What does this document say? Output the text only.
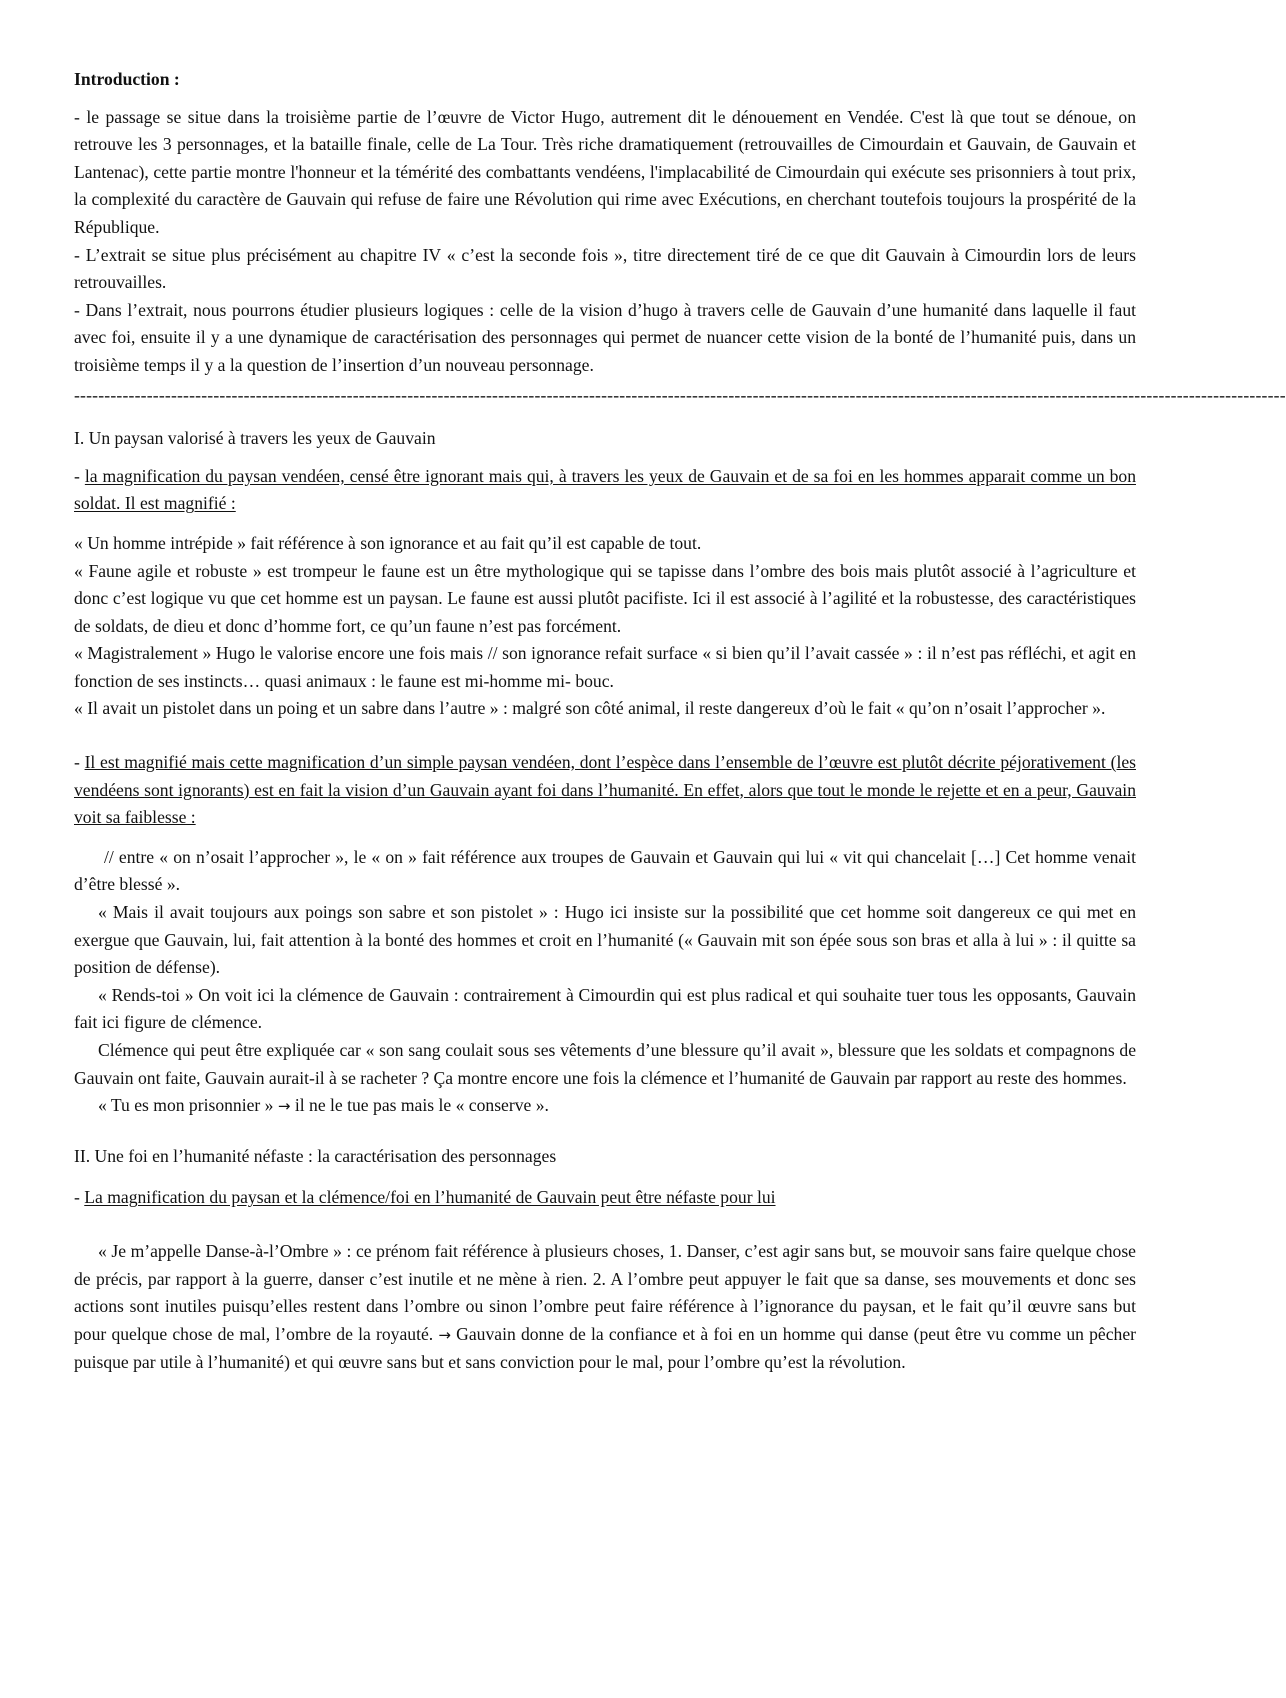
Introduction :

- le passage se situe dans la troisième partie de l’œuvre de Victor Hugo, autrement dit le dénouement en Vendée. C'est là que tout se dénoue, on retrouve les 3 personnages, et la bataille finale, celle de La Tour. Très riche dramatiquement (retrouvailles de Cimourdain et Gauvain, de Gauvain et Lantenac), cette partie montre l'honneur et la témérité des combattants vendéens, l'implacabilité de Cimourdain qui exécute ses prisonniers à tout prix, la complexité du caractère de Gauvain qui refuse de faire une Révolution qui rime avec Exécutions, en cherchant toutefois toujours la prospérité de la République.

- L’extrait se situe plus précisément au chapitre IV « c’est la seconde fois », titre directement tiré de ce que dit Gauvain à Cimourdin lors de leurs retrouvailles.

- Dans l’extrait, nous pourrons étudier plusieurs logiques : celle de la vision d’hugo à travers celle de Gauvain d’une humanité dans laquelle il faut avec foi, ensuite il y a une dynamique de caractérisation des personnages qui permet de nuancer cette vision de la bonté de l’humanité puis, dans un troisième temps il y a la question de l’insertion d’un nouveau personnage.

--------------------------------------------------------------------------------------------------------------------------------------------------------------------------------------------------------

I. Un paysan valorisé à travers les yeux de Gauvain

- la magnification du paysan vendéen, censé être ignorant mais qui, à travers les yeux de Gauvain et de sa foi en les hommes apparait comme un bon soldat. Il est magnifié :

« Un homme intrépide » fait référence à son ignorance et au fait qu’il est capable de tout.

« Faune agile et robuste » est trompeur le faune est un être mythologique qui se tapisse dans l’ombre des bois mais plutôt associé à l’agriculture et donc c’est logique vu que cet homme est un paysan. Le faune est aussi plutôt pacifiste. Ici il est associé à l’agilité et la robustesse, des caractéristiques de soldats, de dieu et donc d’homme fort, ce qu’un faune n’est pas forcément.

« Magistralement » Hugo le valorise encore une fois mais // son ignorance refait surface « si bien qu’il l’avait cassée » : il n’est pas réfléchi, et agit en fonction de ses instincts… quasi animaux : le faune est mi-homme mi- bouc.

« Il avait un pistolet dans un poing et un sabre dans l’autre » : malgré son côté animal, il reste dangereux d’où le fait « qu’on n’osait l’approcher ».

- Il est magnifié mais cette magnification d’un simple paysan vendéen, dont l’espèce dans l’ensemble de l’œuvre est plutôt décrite péjorativement (les vendéens sont ignorants) est en fait la vision d’un Gauvain ayant foi dans l’humanité. En effet, alors que tout le monde le rejette et en a peur, Gauvain voit sa faiblesse :

// entre « on n’osait l’approcher », le « on » fait référence aux troupes de Gauvain et Gauvain qui lui « vit qui chancelait […] Cet homme venait d’être blessé ».

« Mais il avait toujours aux poings son sabre et son pistolet » : Hugo ici insiste sur la possibilité que cet homme soit dangereux ce qui met en exergue que Gauvain, lui, fait attention à la bonté des hommes et croit en l’humanité (« Gauvain mit son épée sous son bras et alla à lui » : il quitte sa position de défense).

« Rends-toi » On voit ici la clémence de Gauvain : contrairement à Cimourdin qui est plus radical et qui souhaite tuer tous les opposants, Gauvain fait ici figure de clémence.

Clémence qui peut être expliquée car « son sang coulait sous ses vêtements d’une blessure qu’il avait », blessure que les soldats et compagnons de Gauvain ont faite, Gauvain aurait-il à se racheter ? Ça montre encore une fois la clémence et l’humanité de Gauvain par rapport au reste des hommes.

« Tu es mon prisonnier » → il ne le tue pas mais le « conserve ».

II. Une foi en l’humanité néfaste : la caractérisation des personnages

- La magnification du paysan et la clémence/foi en l’humanité de Gauvain peut être néfaste pour lui

« Je m’appelle Danse-à-l’Ombre » : ce prénom fait référence à plusieurs choses, 1. Danser, c’est agir sans but, se mouvoir sans faire quelque chose de précis, par rapport à la guerre, danser c’est inutile et ne mène à rien. 2. A l’ombre peut appuyer le fait que sa danse, ses mouvements et donc ses actions sont inutiles puisqu’elles restent dans l’ombre ou sinon l’ombre peut faire référence à l’ignorance du paysan, et le fait qu’il œuvre sans but pour quelque chose de mal, l’ombre de la royauté. → Gauvain donne de la confiance et à foi en un homme qui danse (peut être vu comme un pêcher puisque par utile à l’humanité) et qui œuvre sans but et sans conviction pour le mal, pour l’ombre qu’est la révolution.
